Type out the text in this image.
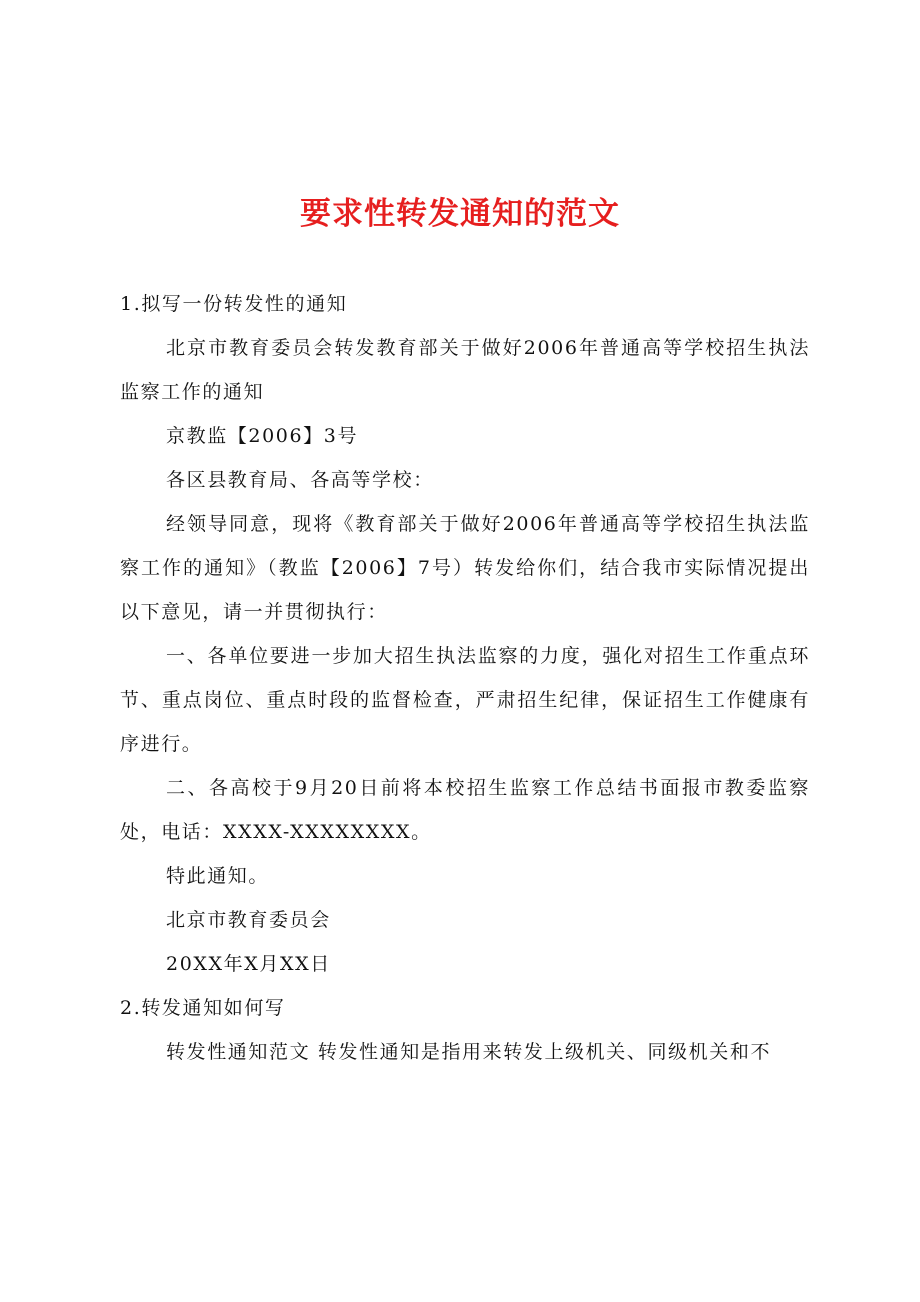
要求性转发通知的范文

1.拟写一份转发性的通知

北京市教育委员会转发教育部关于做好2006年普通高等学校招生执法监察工作的通知

京教监【2006】3号

各区县教育局、各高等学校：

经领导同意，现将《教育部关于做好2006年普通高等学校招生执法监察工作的通知》（教监【2006】7号）转发给你们，结合我市实际情况提出以下意见，请一并贯彻执行：

一、各单位要进一步加大招生执法监察的力度，强化对招生工作重点环节、重点岗位、重点时段的监督检查，严肃招生纪律，保证招生工作健康有序进行。

二、各高校于9月20日前将本校招生监察工作总结书面报市教委监察处，电话：XXXX-XXXXXXXX。

特此通知。

北京市教育委员会

20XX年X月XX日

2.转发通知如何写

转发性通知范文 转发性通知是指用来转发上级机关、同级机关和不
